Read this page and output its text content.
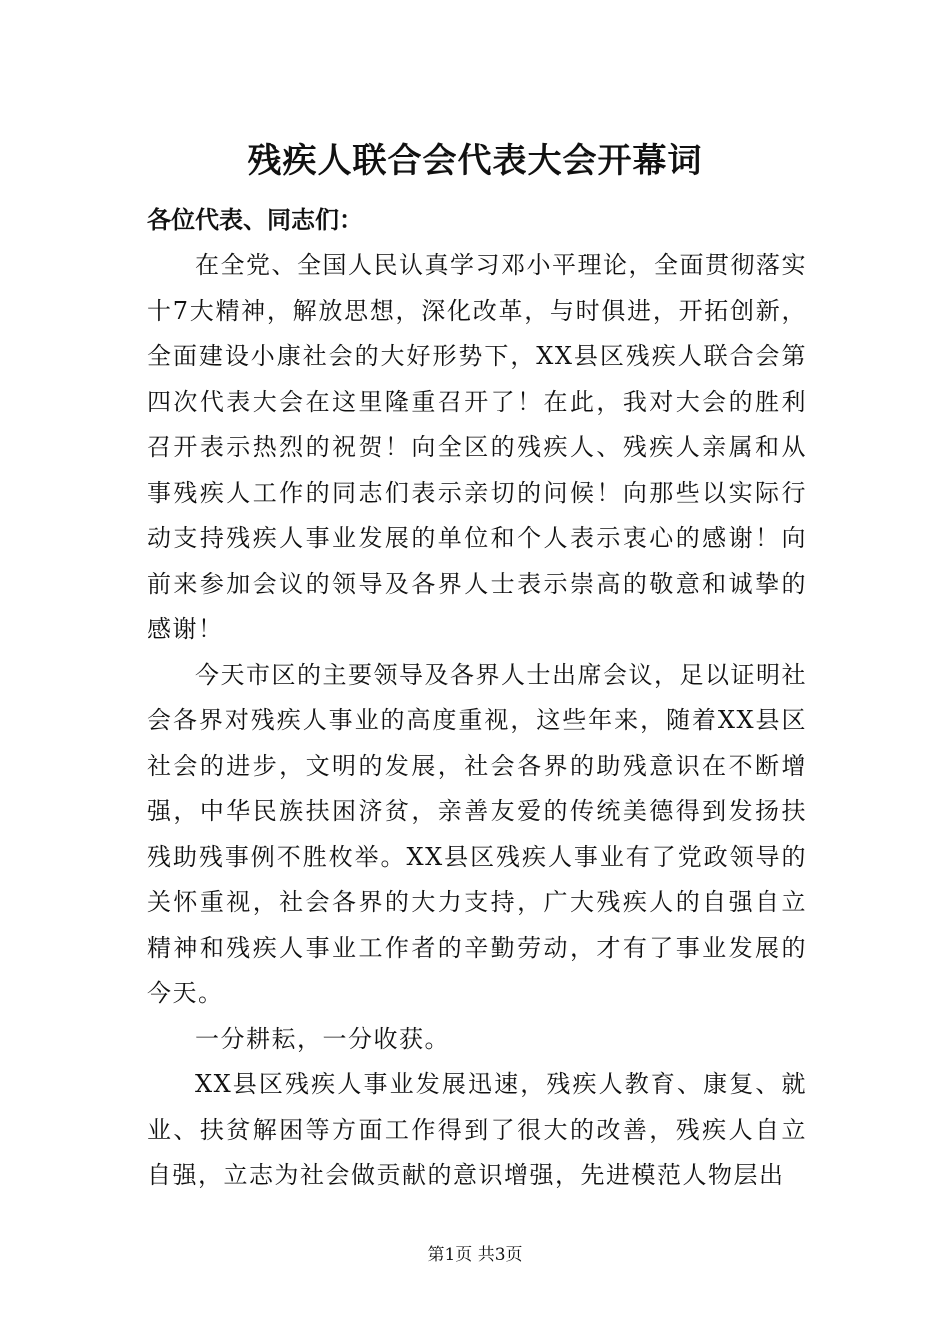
残疾人联合会代表大会开幕词

各位代表、同志们：

在全党、全国人民认真学习邓小平理论，全面贯彻落实十7大精神，解放思想，深化改革，与时俱进，开拓创新，全面建设小康社会的大好形势下，XX县区残疾人联合会第四次代表大会在这里隆重召开了！在此，我对大会的胜利召开表示热烈的祝贺！向全区的残疾人、残疾人亲属和从事残疾人工作的同志们表示亲切的问候！向那些以实际行动支持残疾人事业发展的单位和个人表示衷心的感谢！向前来参加会议的领导及各界人士表示崇高的敬意和诚挚的感谢！

今天市区的主要领导及各界人士出席会议，足以证明社会各界对残疾人事业的高度重视，这些年来，随着XX县区社会的进步，文明的发展，社会各界的助残意识在不断增强，中华民族扶困济贫，亲善友爱的传统美德得到发扬扶残助残事例不胜枚举。XX县区残疾人事业有了党政领导的关怀重视，社会各界的大力支持，广大残疾人的自强自立精神和残疾人事业工作者的辛勤劳动，才有了事业发展的今天。

一分耕耘，一分收获。

XX县区残疾人事业发展迅速，残疾人教育、康复、就业、扶贫解困等方面工作得到了很大的改善，残疾人自立自强，立志为社会做贡献的意识增强，先进模范人物层出

第1页 共3页
